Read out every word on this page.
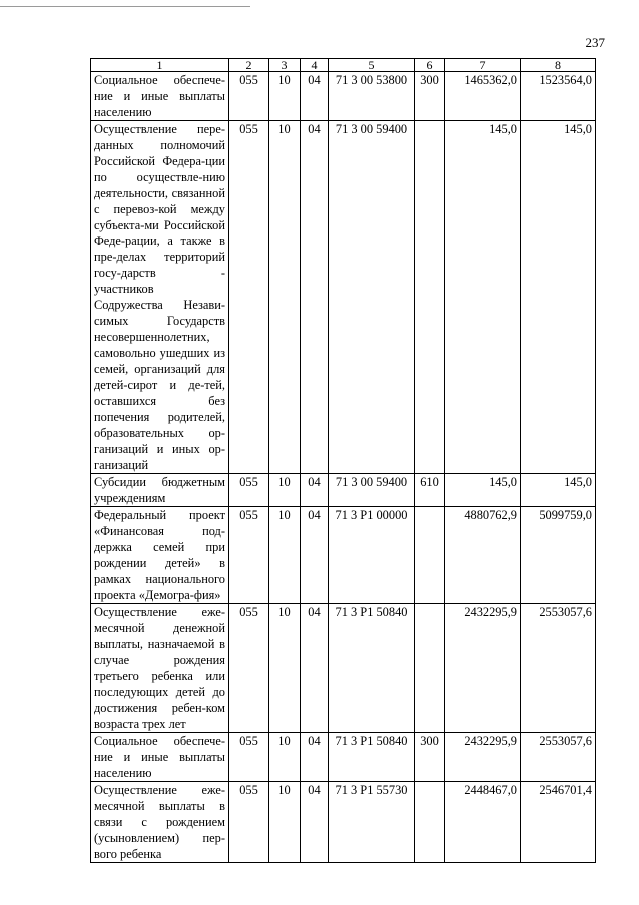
237
1	2	3	4	5	6	7	8
Социальное обеспече-ние и иные выплаты населению	055	10	04	71 3 00 53800	300	1465362,0	1523564,0
Осуществление пере-данных полномочий Российской Федера-ции по осуществле-нию деятельности, связанной с перевоз-кой между субъекта-ми Российской Феде-рации, а также в пре-делах территорий госу-дарств - участников Содружества Незави-симых Государств несовершеннолетних, самовольно ушедших из семей, организаций для детей-сирот и де-тей, оставшихся без попечения родителей, образовательных ор-ганизаций и иных ор-ганизаций	055	10	04	71 3 00 59400		145,0	145,0
Субсидии бюджетным учреждениям	055	10	04	71 3 00 59400	610	145,0	145,0
Федеральный проект «Финансовая под-держка семей при рождении детей» в рамках национального проекта «Демогра-фия»	055	10	04	71 3 P1 00000		4880762,9	5099759,0
Осуществление еже-месячной денежной выплаты, назначаемой в случае рождения третьего ребенка или последующих детей до достижения ребен-ком возраста трех лет	055	10	04	71 3 P1 50840		2432295,9	2553057,6
Социальное обеспече-ние и иные выплаты населению	055	10	04	71 3 P1 50840	300	2432295,9	2553057,6
Осуществление еже-месячной выплаты в связи с рождением (усыновлением) пер-вого ребенка	055	10	04	71 3 P1 55730		2448467,0	2546701,4
